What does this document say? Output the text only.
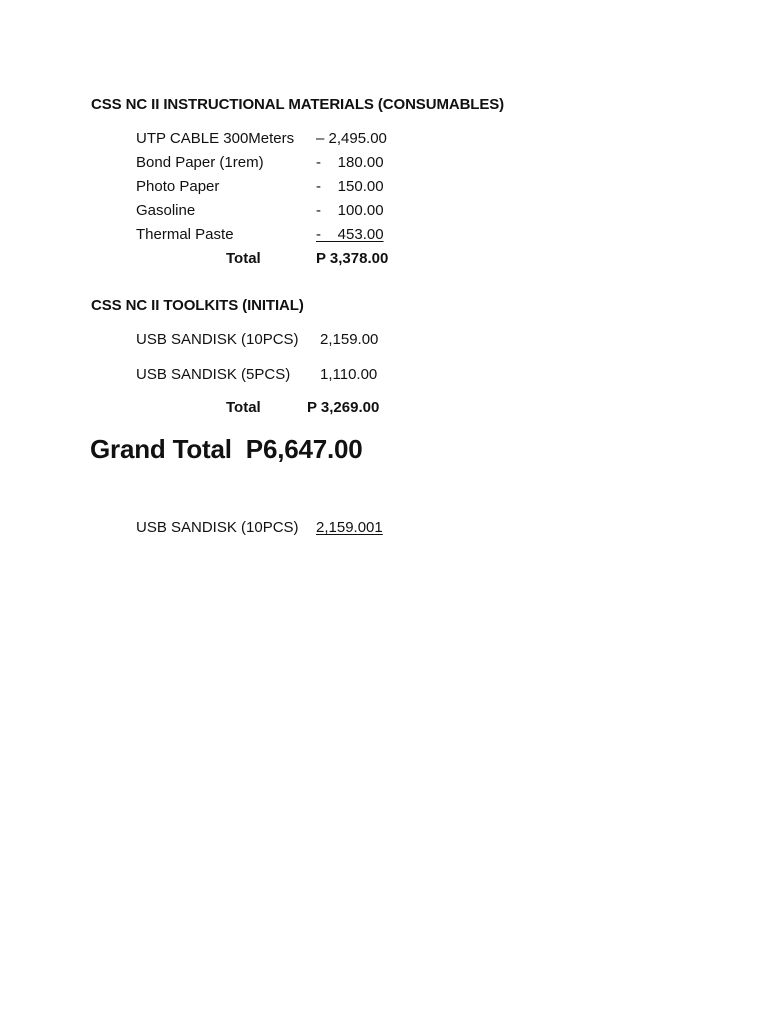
CSS NC II INSTRUCTIONAL MATERIALS (CONSUMABLES)
UTP CABLE 300Meters – 2,495.00
Bond Paper (1rem)	-    180.00
Photo Paper	-    150.00
Gasoline	-    100.00
Thermal Paste	-    453.00
Total	P 3,378.00
CSS NC II TOOLKITS (INITIAL)
USB SANDISK (10PCS) 2,159.00
USB SANDISK (5PCS) 1,110.00
Total	P 3,269.00
Grand Total  P6,647.00
USB SANDISK (10PCS) 2,159.001
